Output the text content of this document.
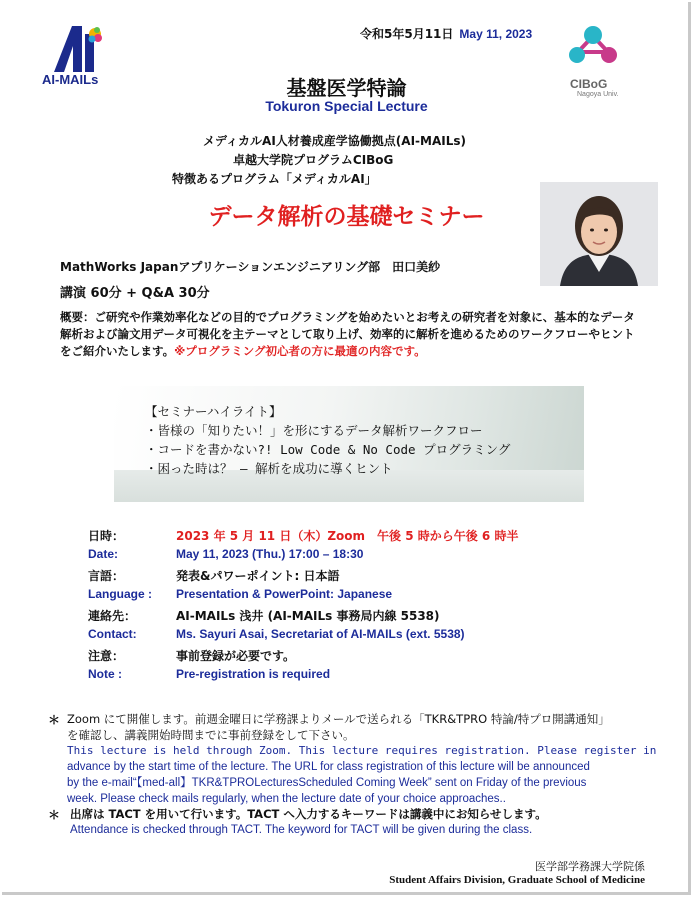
AI-MAILs	CIBoG
Nagoya Univ.
令和5年5月11日 May 11, 2023
基盤医学特論
Tokuron Special Lecture
メディカルAI人材養成産学協働拠点(AI-MAILs)
卓越大学院プログラムCIBoG
特徴あるプログラム「メディカルAI」
データ解析の基礎セミナー
MathWorks Japanアプリケーションエンジニアリング部　田口美紗
講演 60分 + Q&A 30分
概要：ご研究や作業効率化などの目的でプログラミングを始めたいとお考えの研究者を対象に、基本的なデータ解析および論文用データ可視化を主テーマとして取り上げ、効率的に解析を進めるためのワークフローやヒントをご紹介いたします。※プログラミング初心者の方に最適の内容です。
【セミナーハイライト】
・皆様の「知りたい！」を形にするデータ解析ワークフロー
・コードを書かない?! Low Code & No Code プログラミング
・困った時は？ – 解析を成功に導くヒント
日時：	2023 年 5 月 11 日（木）Zoom　午後 5 時から午後 6 時半
Date:	May 11, 2023 (Thu.) 17:00 – 18:30
言語：	発表&パワーポイント: 日本語
Language : Presentation & PowerPoint: Japanese
連絡先：	AI-MAILs 浅井 (AI-MAILs 事務局内線 5538)
Contact:	Ms. Sayuri Asai, Secretariat of AI-MAILs (ext. 5538)
注意：	事前登録が必要です。
Note :	Pre-registration is required
＊ Zoom にて開催します。前週金曜日に学務課よりメールで送られる「TKR&TPRO 特論/特プロ開講通知」
を確認し、講義開始時間までに事前登録をして下さい。
This lecture is held through Zoom. This lecture requires registration. Please register in
advance by the start time of the lecture. The URL for class registration of this lecture will be announced
by the e-mail“【med-all】TKR&TPROLecturesScheduled Coming Week” sent on Friday of the previous
week. Please check mails regularly, when the lecture date of your choice approaches..
＊ 出席は TACT を用いて行います。TACT へ入力するキーワードは講義中にお知らせします。
Attendance is checked through TACT. The keyword for TACT will be given during the class.
医学部学務課大学院係
Student Affairs Division, Graduate School of Medicine
